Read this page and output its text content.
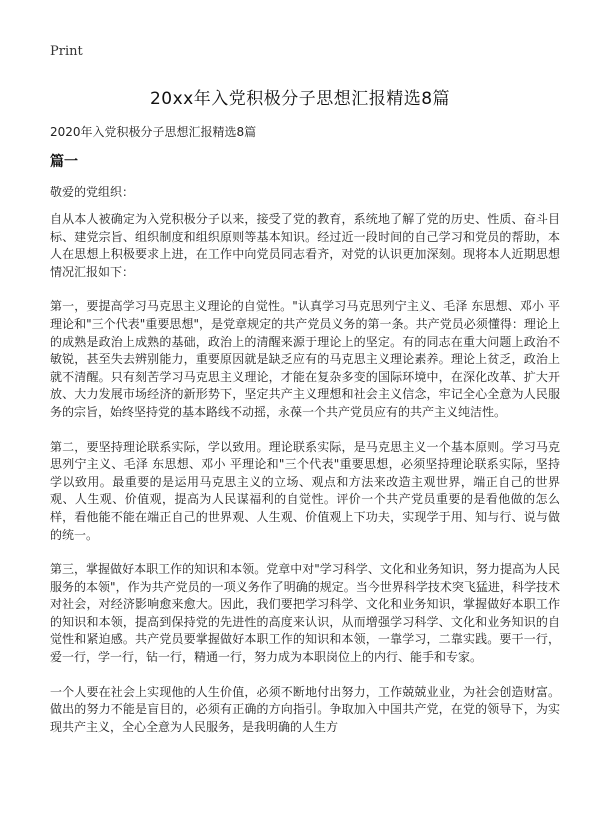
Print
20xx年入党积极分子思想汇报精选8篇
2020年入党积极分子思想汇报精选8篇
篇一
敬爱的党组织：

自从本人被确定为入党积极分子以来，接受了党的教育，系统地了解了党的历史、性质、奋斗目标、建党宗旨、组织制度和组织原则等基本知识。经过近一段时间的自己学习和党员的帮助，本人在思想上积极要求上进，在工作中向党员同志看齐，对党的认识更加深刻。现将本人近期思想情况汇报如下：

第一，要提高学习马克思主义理论的自觉性。"认真学习马克思列宁主义、毛泽 东思想、邓小 平理论和"三个代表"重要思想"，是党章规定的共产党员义务的第一条。共产党员必须懂得：理论上的成熟是政治上成熟的基础，政治上的清醒来源于理论上的坚定。有的同志在重大问题上政治不敏锐，甚至失去辨别能力，重要原因就是缺乏应有的马克思主义理论素养。理论上贫乏，政治上就不清醒。只有刻苦学习马克思主义理论，才能在复杂多变的国际环境中，在深化改革、扩大开放、大力发展市场经济的新形势下，坚定共产主义理想和社会主义信念，牢记全心全意为人民服务的宗旨，始终坚持党的基本路线不动摇，永葆一个共产党员应有的共产主义纯洁性。

第二，要坚持理论联系实际，学以致用。理论联系实际，是马克思主义一个基本原则。学习马克思列宁主义、毛泽 东思想、邓小 平理论和"三个代表"重要思想，必须坚持理论联系实际，坚持学以致用。最重要的是运用马克思主义的立场、观点和方法来改造主观世界，端正自己的世界观、人生观、价值观，提高为人民谋福利的自觉性。评价一个共产党员重要的是看他做的怎么样，看他能不能在端正自己的世界观、人生观、价值观上下功夫，实现学于用、知与行、说与做的统一。

第三，掌握做好本职工作的知识和本领。党章中对"学习科学、文化和业务知识，努力提高为人民服务的本领"，作为共产党员的一项义务作了明确的规定。当今世界科学技术突飞猛进，科学技术对社会，对经济影响愈来愈大。因此，我们要把学习科学、文化和业务知识，掌握做好本职工作的知识和本领，提高到保持党的先进性的高度来认识，从而增强学习科学、文化和业务知识的自觉性和紧迫感。共产党员要掌握做好本职工作的知识和本领，一靠学习，二靠实践。要干一行，爱一行，学一行，钻一行，精通一行，努力成为本职岗位上的内行、能手和专家。

一个人要在社会上实现他的人生价值，必须不断地付出努力，工作兢兢业业，为社会创造财富。做出的努力不能是盲目的，必须有正确的方向指引。争取加入中国共产党，在党的领导下，为实现共产主义，全心全意为人民服务，是我明确的人生方
